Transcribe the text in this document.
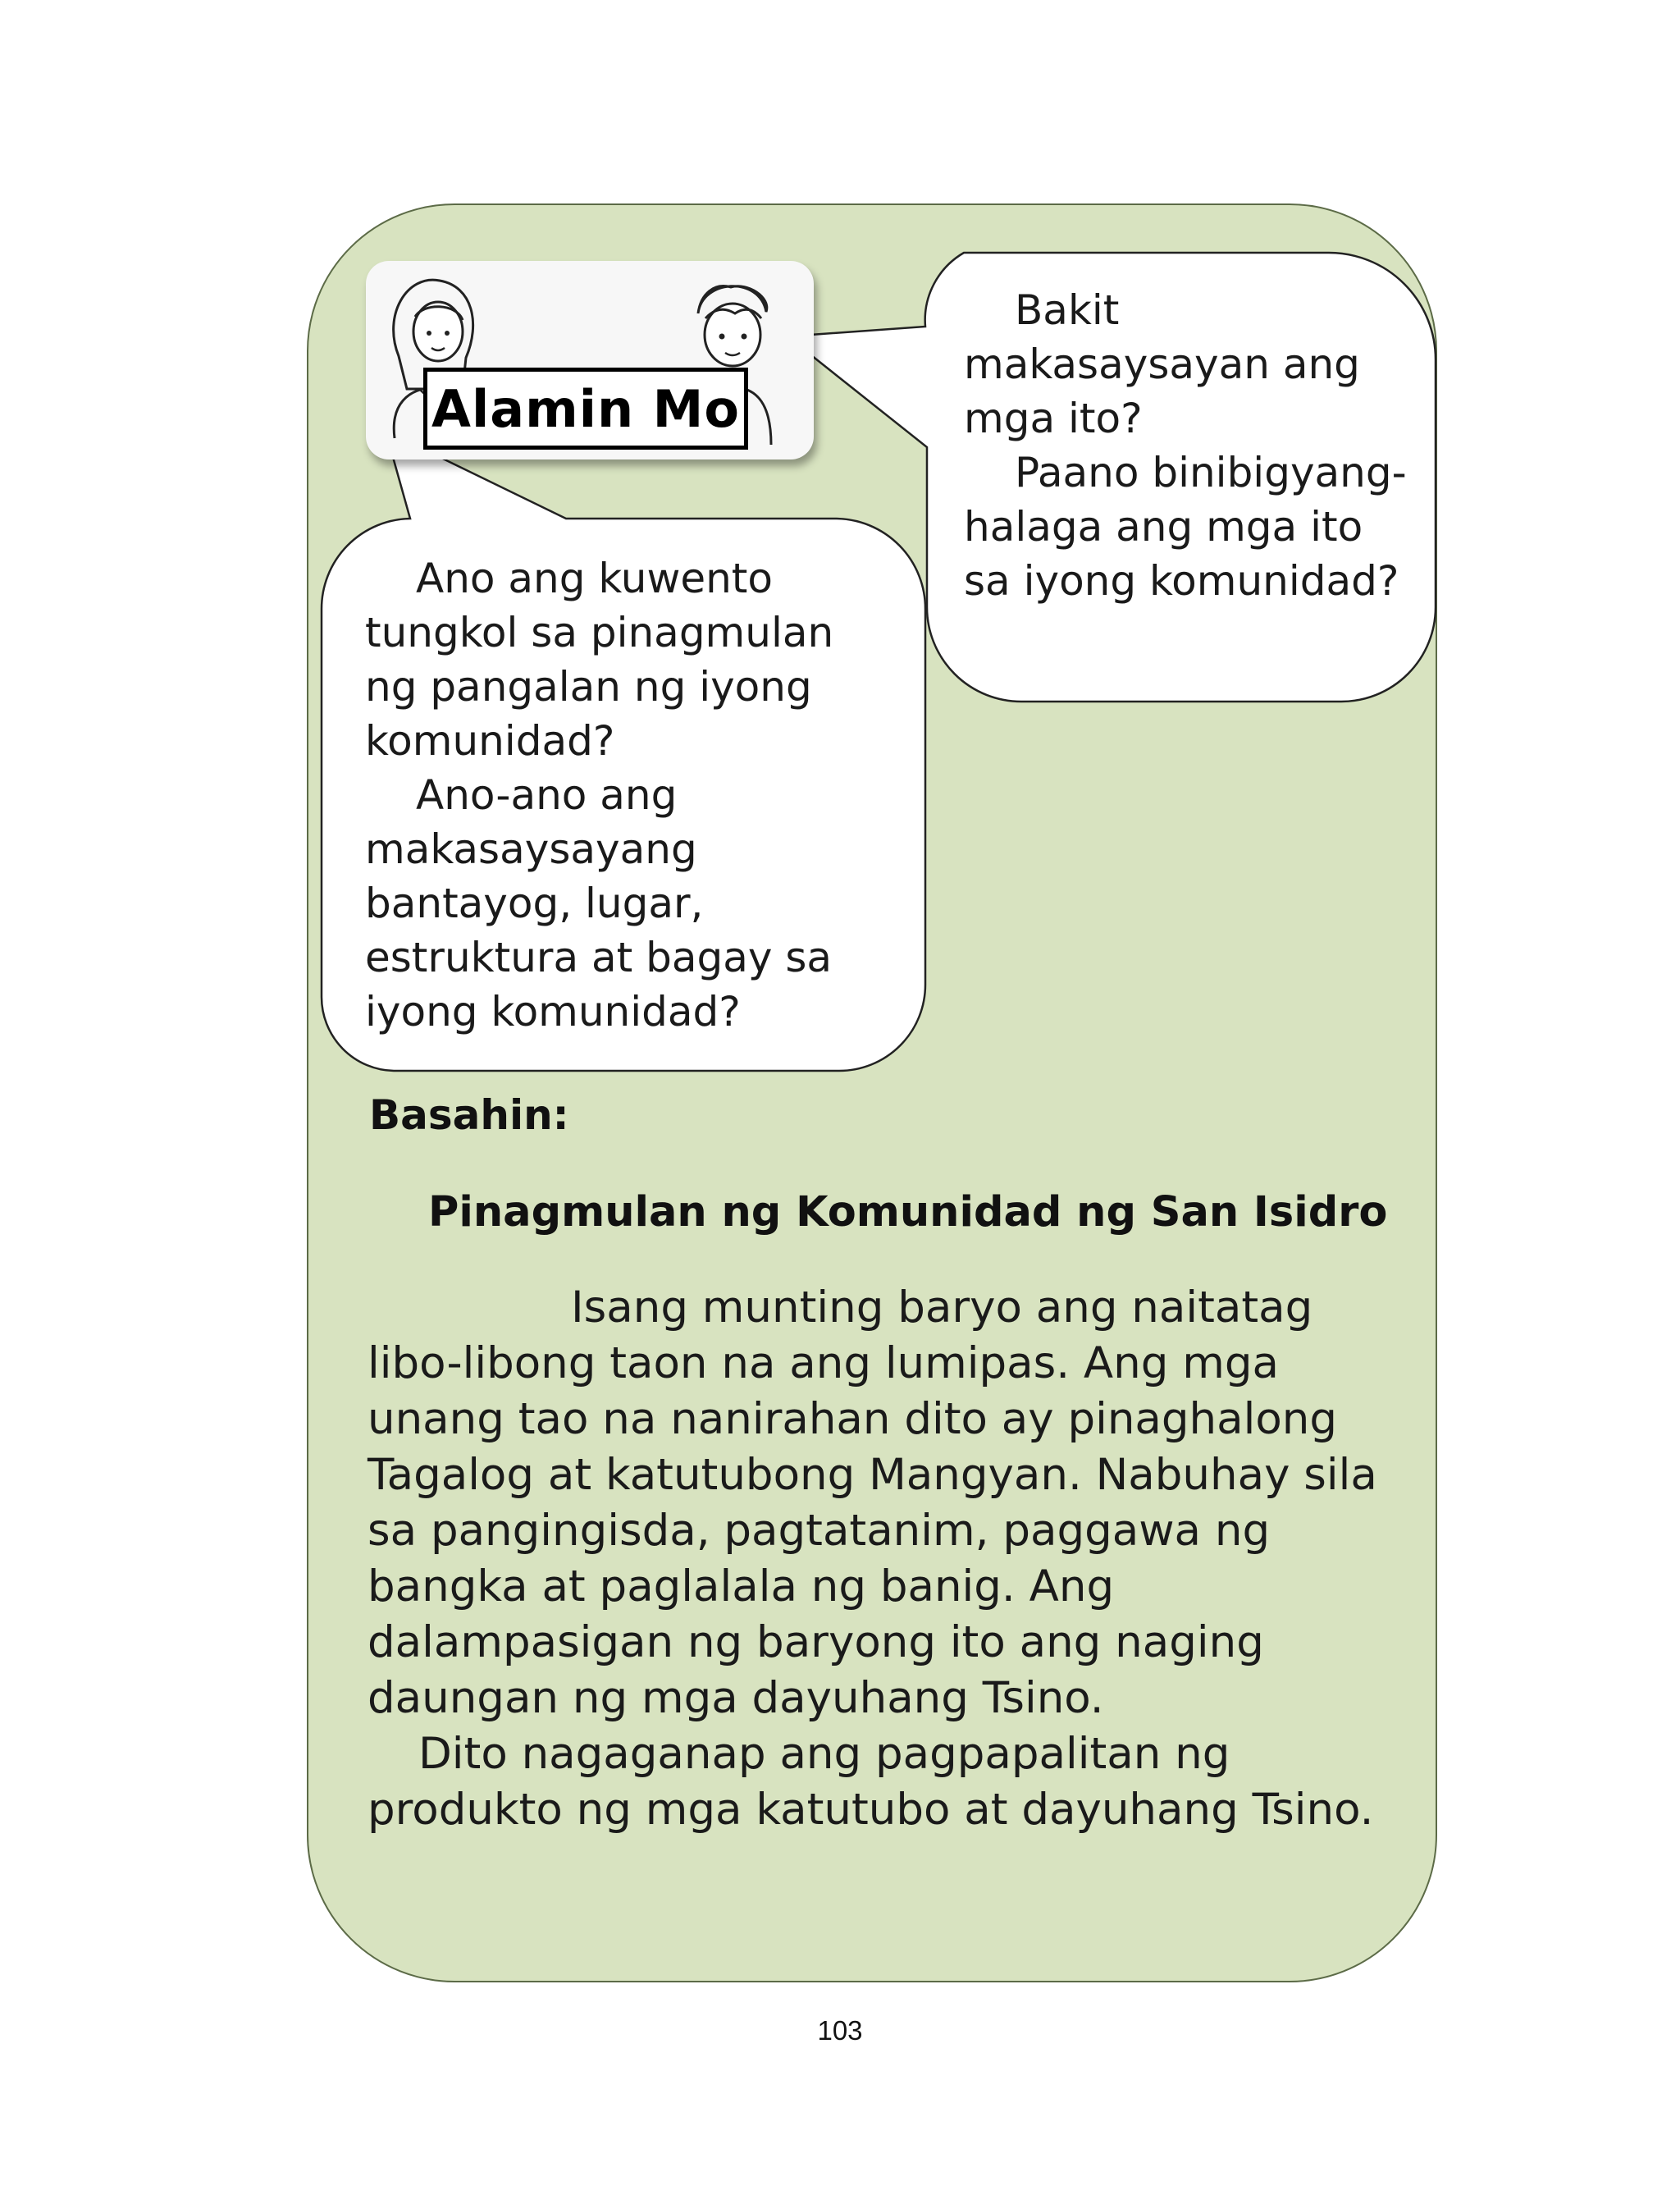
Alamin Mo

Bakit makasaysayan ang mga ito?

Paano binibigyang-halaga ang mga ito sa iyong komunidad?

Ano ang kuwento tungkol sa pinagmulan ng pangalan ng iyong komunidad?

Ano-ano ang makasaysayang bantayog, lugar, estruktura at bagay sa iyong komunidad?

Basahin:
Pinagmulan ng Komunidad ng San Isidro

Isang munting baryo ang naitatag libo-libong taon na ang lumipas. Ang mga unang tao na nanirahan dito ay pinaghalong Tagalog at katutubong Mangyan. Nabuhay sila sa pangingisda, pagtatanim, paggawa ng bangka at paglalala ng banig. Ang dalampasigan ng baryong ito ang naging daungan ng mga dayuhang Tsino.

Dito nagaganap ang pagpapalitan ng produkto ng mga katutubo at dayuhang Tsino.

103
